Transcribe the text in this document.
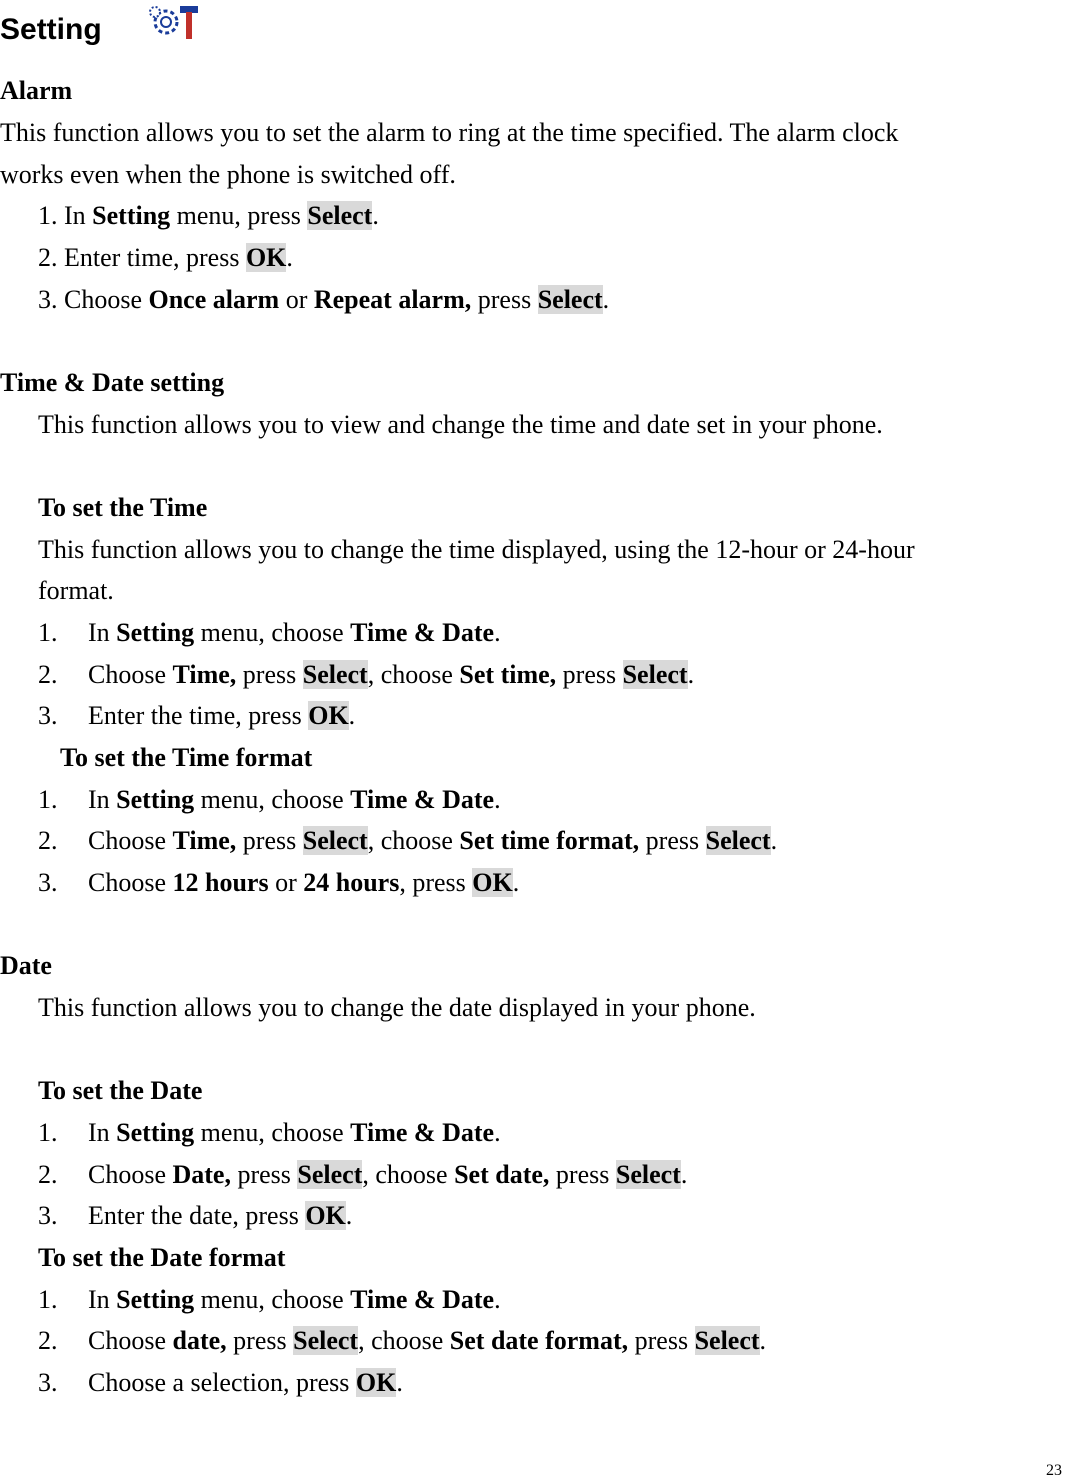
Setting
Alarm
This function allows you to set the alarm to ring at the time specified. The alarm clock
works even when the phone is switched off.
1. In Setting menu, press Select.
2. Enter time, press OK.
3. Choose Once alarm or Repeat alarm, press Select.
Time & Date setting
This function allows you to view and change the time and date set in your phone.
To set the Time
This function allows you to change the time displayed, using the 12-hour or 24-hour
format.
1. In Setting menu, choose Time & Date.
2. Choose Time, press Select, choose Set time, press Select.
3. Enter the time, press OK.
To set the Time format
1. In Setting menu, choose Time & Date.
2. Choose Time, press Select, choose Set time format, press Select.
3. Choose 12 hours or 24 hours, press OK.
Date
This function allows you to change the date displayed in your phone.
To set the Date
1. In Setting menu, choose Time & Date.
2. Choose Date, press Select, choose Set date, press Select.
3. Enter the date, press OK.
To set the Date format
1. In Setting menu, choose Time & Date.
2. Choose date, press Select, choose Set date format, press Select.
3. Choose a selection, press OK.
23
